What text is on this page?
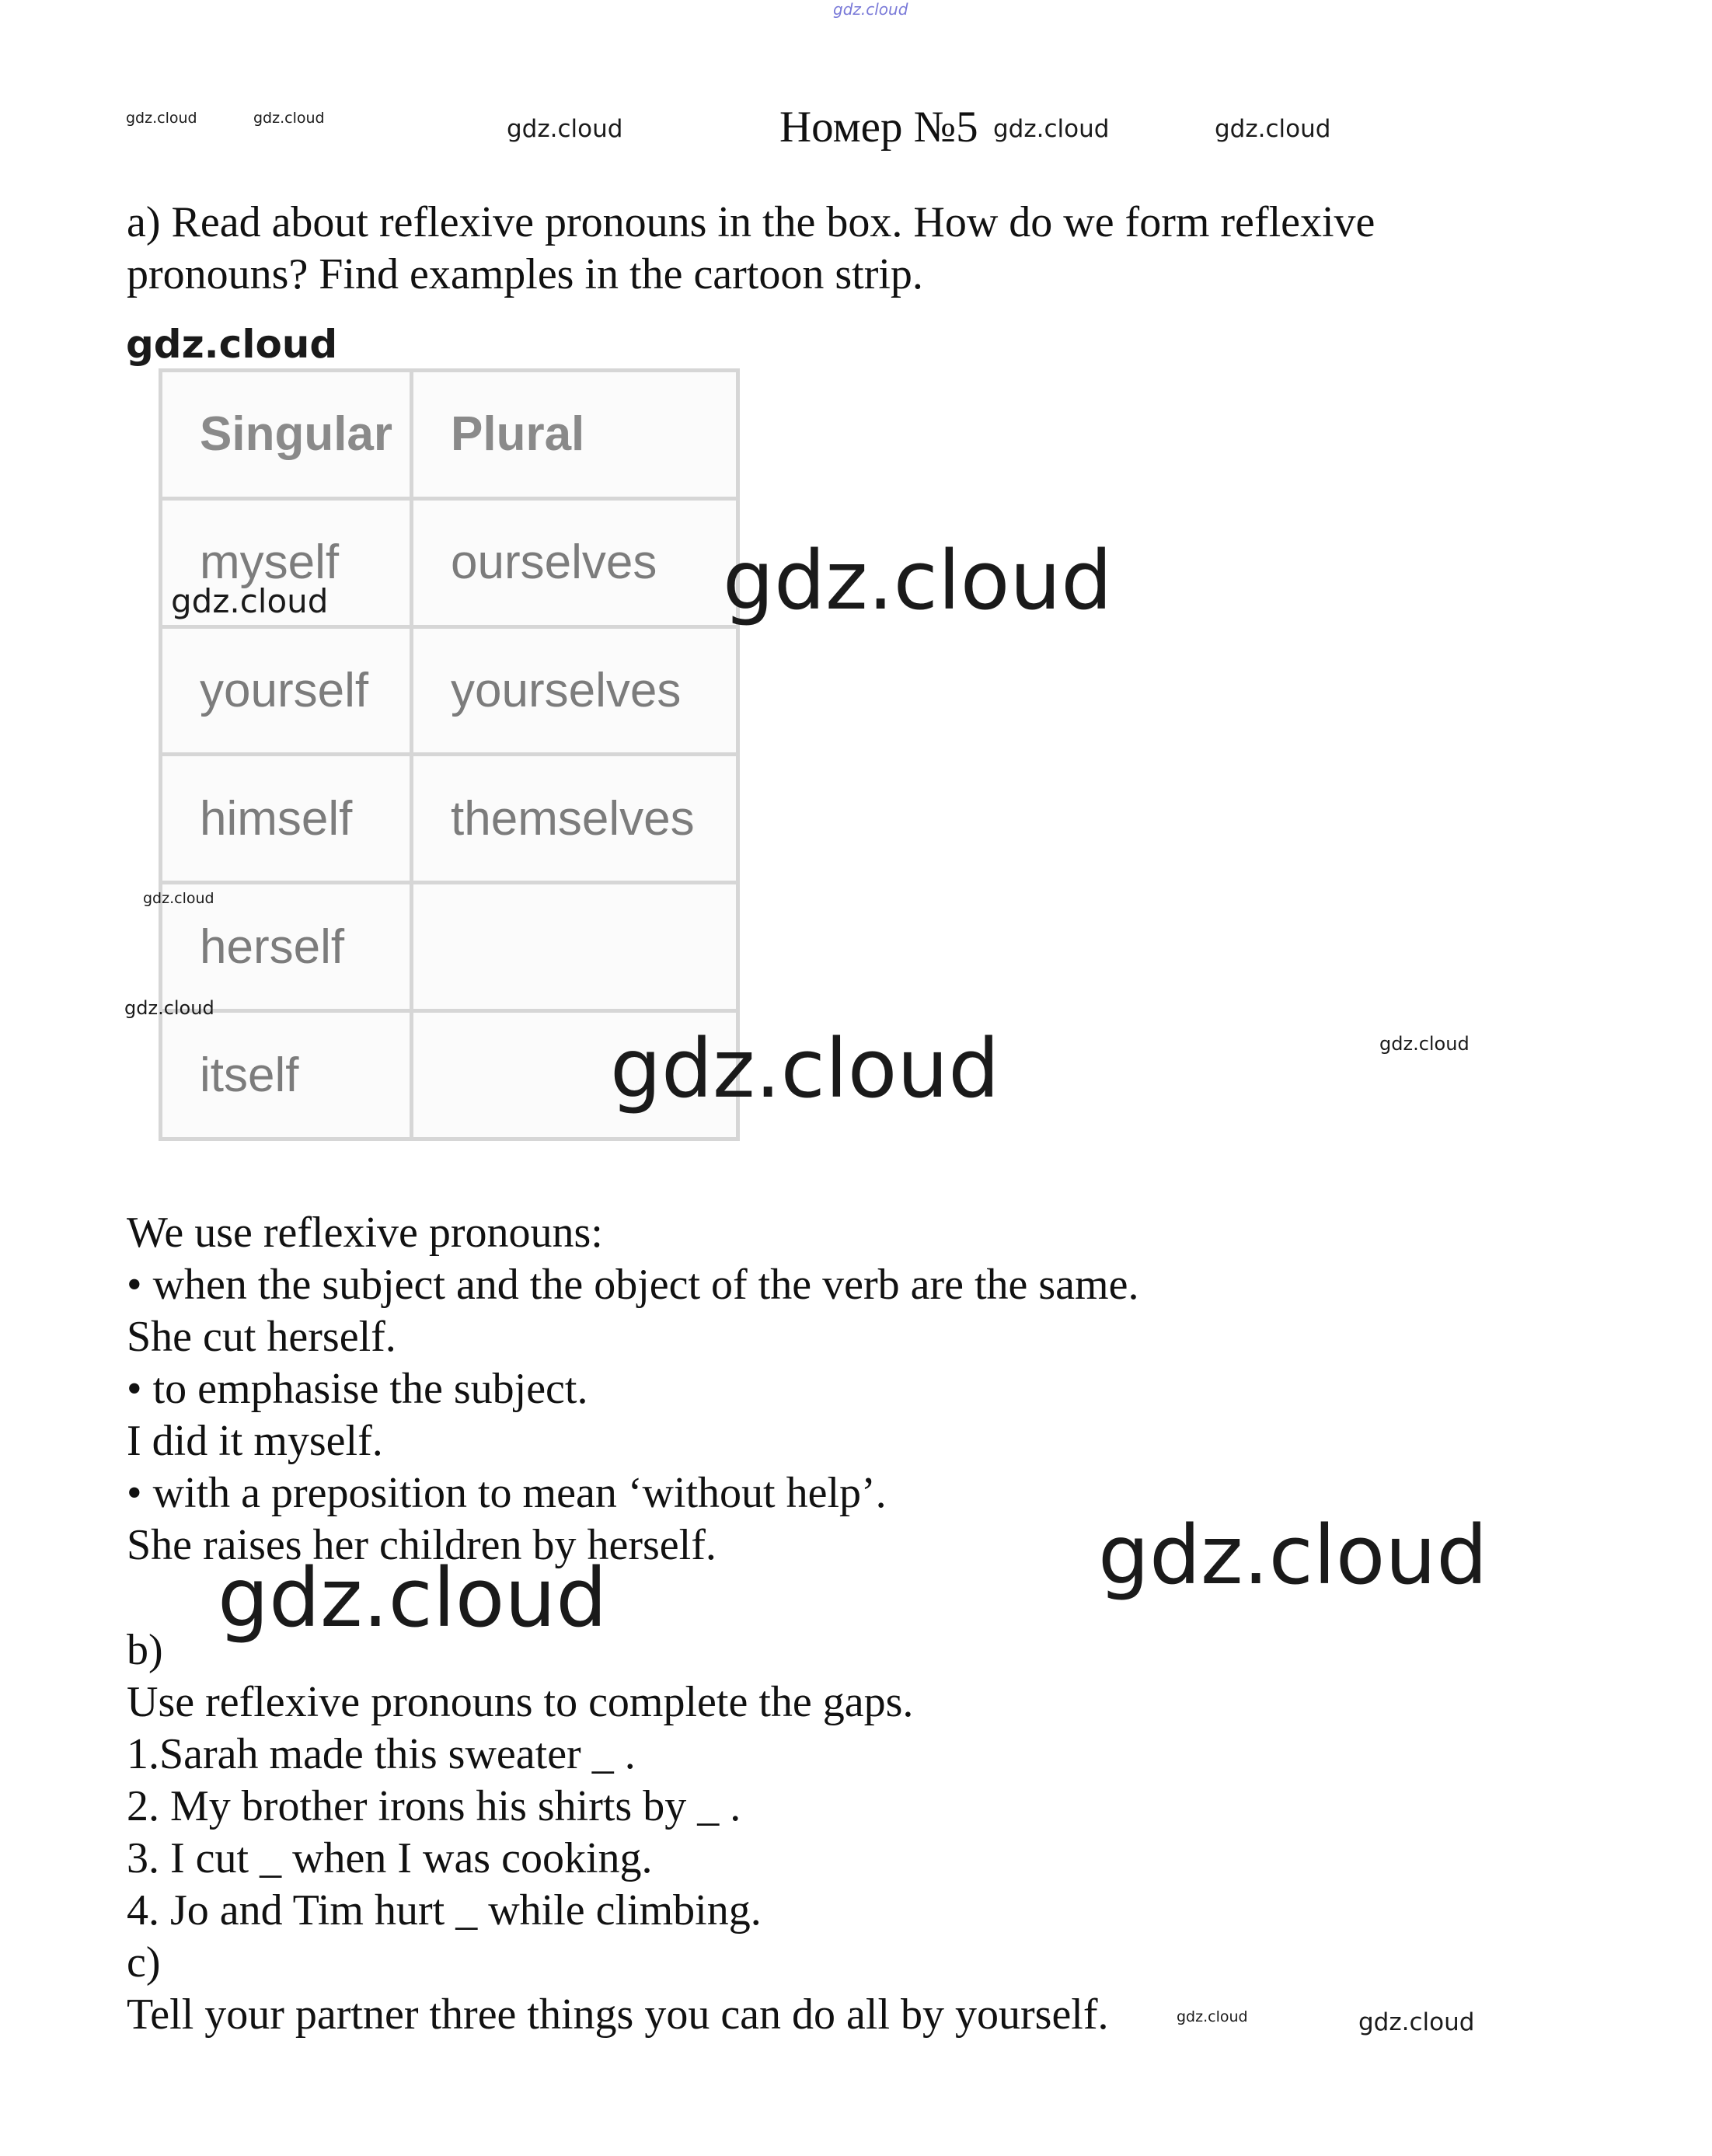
gdz.cloud
gdz.cloud	gdz.cloud	gdz.cloud	gdz.cloud	gdz.cloud
Номер №5
a) Read about reflexive pronouns in the box. How do we form reflexive
pronouns? Find examples in the cartoon strip.
gdz.cloud
Singular	Plural
myself	ourselves
yourself	yourselves
himself	themselves
herself	
itself	
gdz.cloud
gdz.cloud
gdz.cloud
gdz.cloud
gdz.cloud	gdz.cloud
We use reflexive pronouns:
• when the subject and the object of the verb are the same.
She cut herself.
• to emphasise the subject.
I did it myself.
• with a preposition to mean ‘without help’.
She raises her children by herself.	gdz.cloud
gdz.cloud
b)
Use reflexive pronouns to complete the gaps.
1.Sarah made this sweater _ .
2. My brother irons his shirts by _ .
3. I cut _ when I was cooking.
4. Jo and Tim hurt _ while climbing.
c)
Tell your partner three things you can do all by yourself.	gdz.cloud	gdz.cloud
